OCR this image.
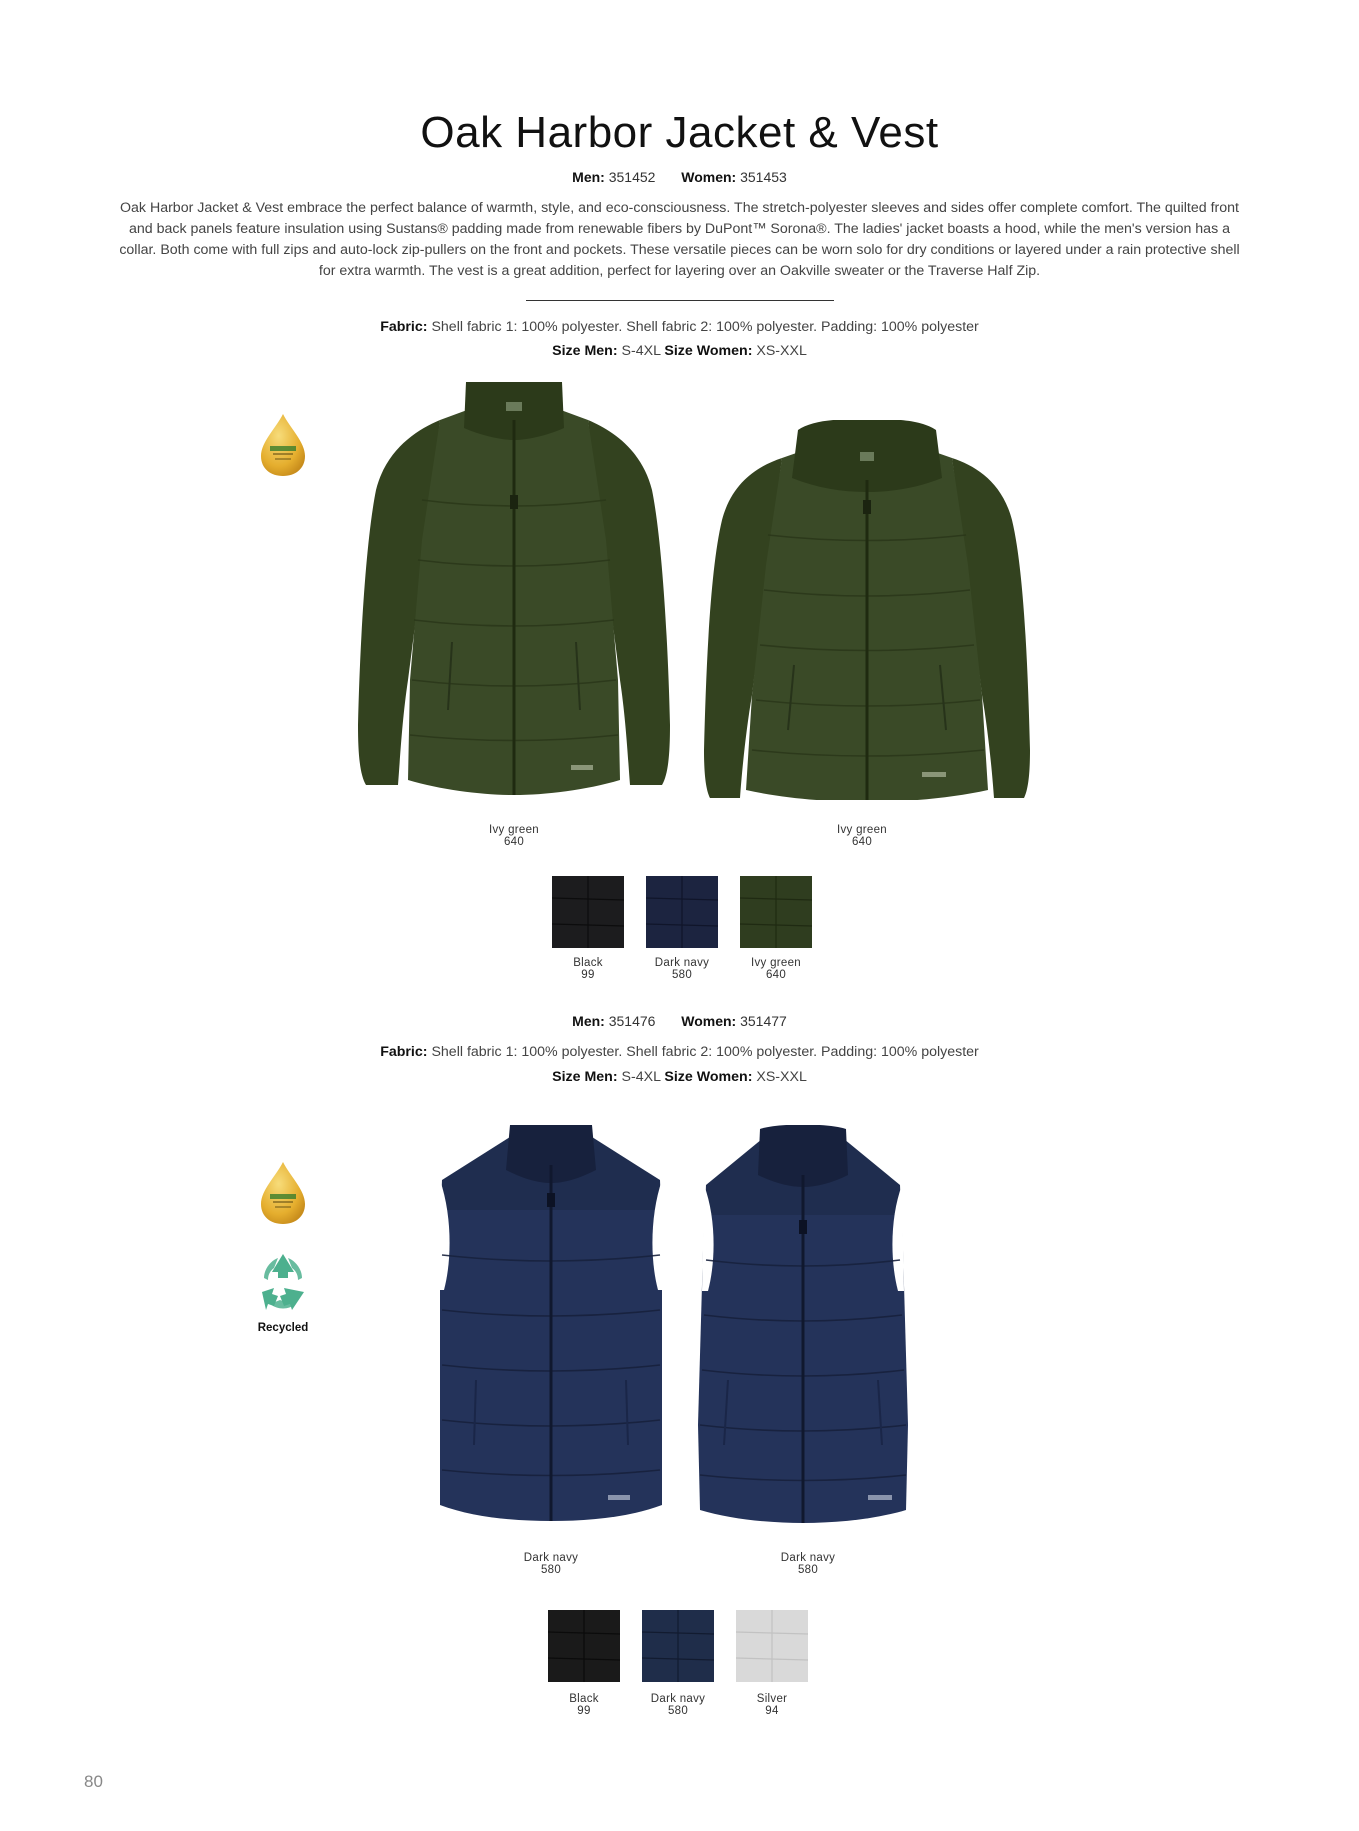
Oak Harbor Jacket & Vest
Men: 351452 Women: 351453
Oak Harbor Jacket & Vest embrace the perfect balance of warmth, style, and eco-consciousness. The stretch-polyester sleeves and sides offer complete comfort. The quilted front and back panels feature insulation using Sustans® padding made from renewable fibers by DuPont™ Sorona®. The ladies' jacket boasts a hood, while the men's version has a collar. Both come with full zips and auto-lock zip-pullers on the front and pockets. These versatile pieces can be worn solo for dry conditions or layered under a rain protective shell for extra warmth. The vest is a great addition, perfect for layering over an Oakville sweater or the Traverse Half Zip.
Fabric: Shell fabric 1: 100% polyester. Shell fabric 2: 100% polyester. Padding: 100% polyester
Size Men: S-4XL Size Women: XS-XXL
Ivy green
640
Ivy green
640
Black
99
Dark navy
580
Ivy green
640
Men: 351476 Women: 351477
Fabric: Shell fabric 1: 100% polyester. Shell fabric 2: 100% polyester. Padding: 100% polyester
Size Men: S-4XL Size Women: XS-XXL
Recycled
Dark navy
580
Dark navy
580
Black
99
Dark navy
580
Silver
94
80
